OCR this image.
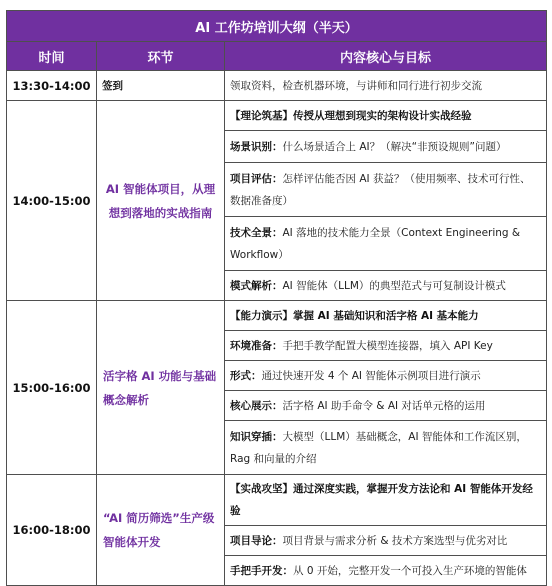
AI 工作坊培训大纲（半天）		
时间	环节	内容核心与目标
13:30-14:00	签到	领取资料，检查机器环境，与讲师和同行进行初步交流
14:00-15:00	AI 智能体项目，从理想到落地的实战指南	【理论筑基】传授从理想到现实的架构设计实战经验
		场景识别：什么场景适合上 AI？（解决“非预设规则”问题）
		项目评估：怎样评估能否因 AI 获益？（使用频率、技术可行性、数据准备度）
		技术全景：AI 落地的技术能力全景（Context Engineering & Workflow）
		模式解析：AI 智能体（LLM）的典型范式与可复制设计模式
15:00-16:00	活字格 AI 功能与基础概念解析	【能力演示】掌握 AI 基础知识和活字格 AI 基本能力
		环境准备：手把手教学配置大模型连接器，填入 API Key
		形式：通过快速开发 4 个 AI 智能体示例项目进行演示
		核心展示：活字格 AI 助手命令 & AI 对话单元格的运用
		知识穿插：大模型（LLM）基础概念，AI 智能体和工作流区别，Rag 和向量的介绍
16:00-18:00	“AI 简历筛选”生产级智能体开发	【实战攻坚】通过深度实践，掌握开发方法论和 AI 智能体开发经验
		项目导论：项目背景与需求分析 & 技术方案选型与优劣对比
		手把手开发：从 0 开始，完整开发一个可投入生产环境的智能体
